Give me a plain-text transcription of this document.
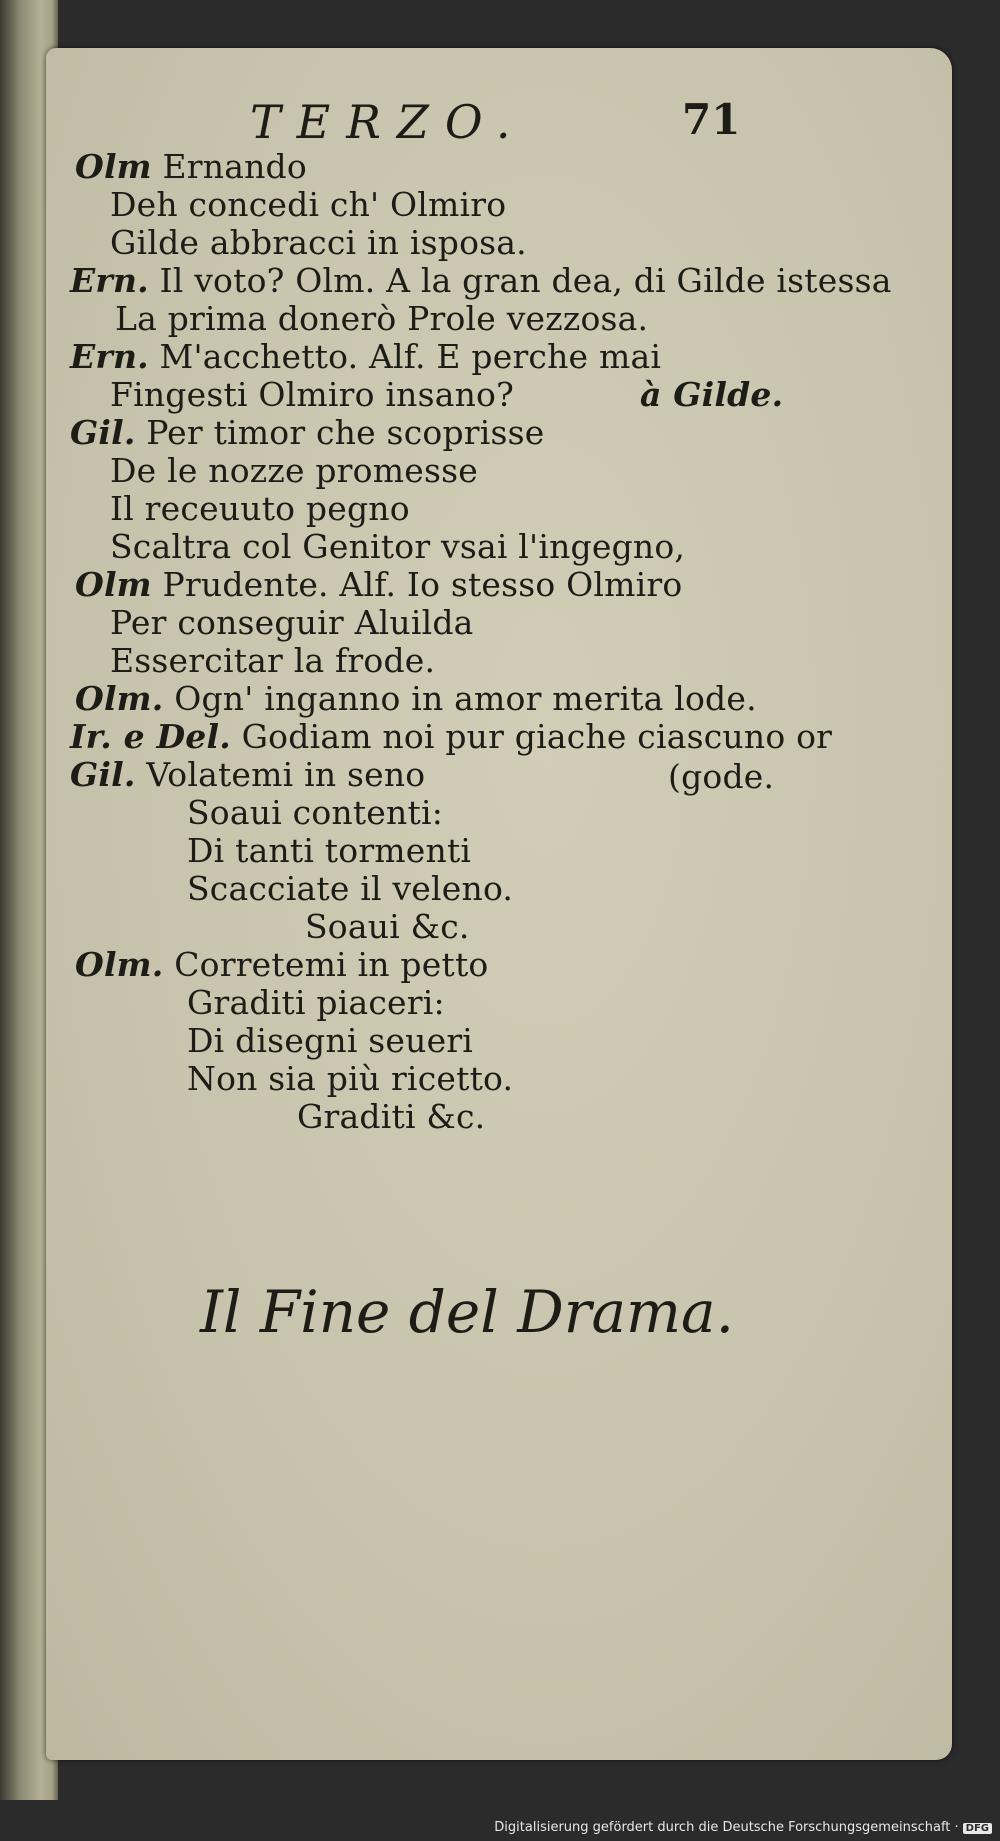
TERZO.	71
Olm Ernando
Deh concedi ch' Olmiro
Gilde abbracci in isposa.
Ern. Il voto? Olm. A la gran dea, di Gilde istessa
La prima donerò Prole vezzosa.
Ern. M'acchetto. Alf. E perche mai
Fingesti Olmiro insano?	à Gilde.
Gil. Per timor che scoprisse
De le nozze promesse
Il receuuto pegno
Scaltra col Genitor vsai l'ingegno,
Olm Prudente. Alf. Io stesso Olmiro
Per conseguir Aluilda
Essercitar la frode.
Olm. Ogn' inganno in amor merita lode.
Ir. e Del. Godiam noi pur giache ciascuno or
Gil. Volatemi in seno	(gode.
Soaui contenti:
Di tanti tormenti
Scacciate il veleno.
Soaui &c.
Olm. Corretemi in petto
Graditi piaceri:
Di disegni seueri
Non sia più ricetto.
Graditi &c.
Il Fine del Drama.
Digitalisierung gefördert durch die Deutsche Forschungsgemeinschaft · DFG
